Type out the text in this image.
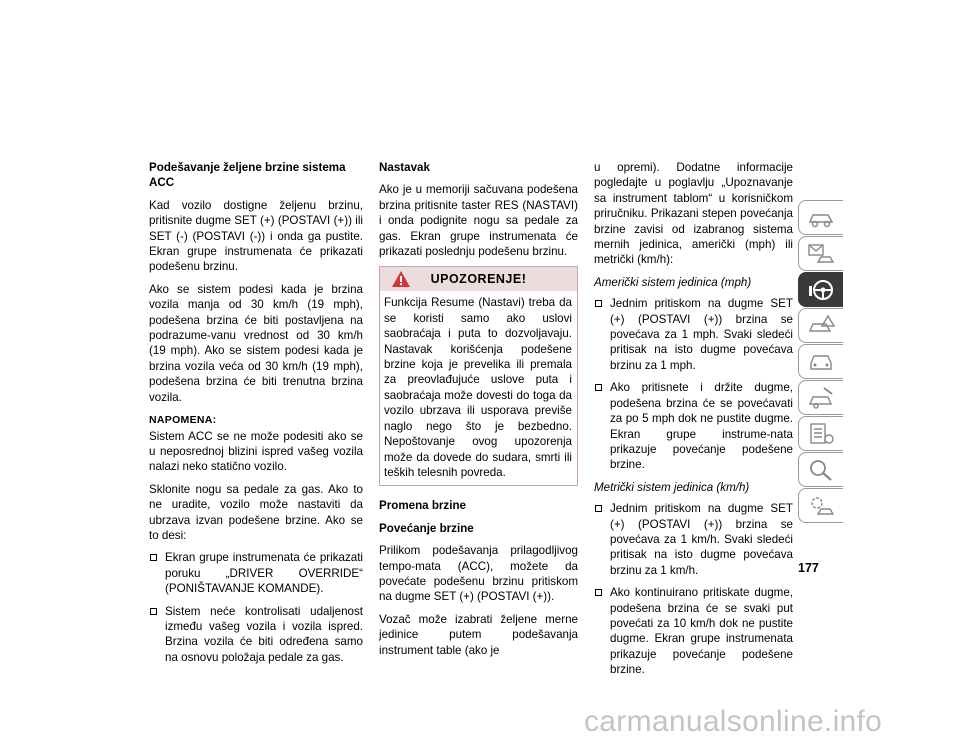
Podešavanje željene brzine sistema ACC

Kad vozilo dostigne željenu brzinu, pritisnite dugme SET (+) (POSTAVI (+)) ili SET (-) (POSTAVI (-)) i onda ga pustite. Ekran grupe instrumenata će prikazati podešenu brzinu.

Ako se sistem podesi kada je brzina vozila manja od 30 km/h (19 mph), podešena brzina će biti postavljena na podrazume-vanu vrednost od 30 km/h (19 mph). Ako se sistem podesi kada je brzina vozila veća od 30 km/h (19 mph), podešena brzina će biti trenutna brzina vozila.

NAPOMENA:
Sistem ACC se ne može podesiti ako se u neposrednoj blizini ispred vašeg vozila nalazi neko statično vozilo.

Sklonite nogu sa pedale za gas. Ako to ne uradite, vozilo može nastaviti da ubrzava izvan podešene brzine. Ako se to desi:

Ekran grupe instrumenata će prikazati poruku „DRIVER OVERRIDE“ (PONIŠTAVANJE KOMANDE).
Sistem neće kontrolisati udaljenost između vašeg vozila i vozila ispred. Brzina vozila će biti određena samo na osnovu položaja pedale za gas.
Nastavak

Ako je u memoriji sačuvana podešena brzina pritisnite taster RES (NASTAVI) i onda podignite nogu sa pedale za gas. Ekran grupe instrumenata će prikazati poslednju podešenu brzinu.

UPOZORENJE!
Funkcija Resume (Nastavi) treba da se koristi samo ako uslovi saobraćaja i puta to dozvoljavaju. Nastavak korišćenja podešene brzine koja je prevelika ili premala za preovlađujuće uslove puta i saobraćaja može dovesti do toga da vozilo ubrzava ili usporava previše naglo nego što je bezbedno. Nepoštovanje ovog upozorenja može da dovede do sudara, smrti ili teških telesnih povreda.
Promena brzine
Povećanje brzine

Prilikom podešavanja prilagodljivog tempo-mata (ACC), možete da povećate podešenu brzinu pritiskom na dugme SET (+) (POSTAVI (+)).

Vozač može izabrati željene merne jedinice putem podešavanja instrument table (ako je

u opremi). Dodatne informacije pogledajte u poglavlju „Upoznavanje sa instrument tablom“ u korisničkom priručniku. Prikazani stepen povećanja brzine zavisi od izabranog sistema mernih jedinica, američki (mph) ili metrički (km/h):

Američki sistem jedinica (mph)

Jednim pritiskom na dugme SET (+) (POSTAVI (+)) brzina se povećava za 1 mph. Svaki sledeći pritisak na isto dugme povećava brzinu za 1 mph.
Ako pritisnete i držite dugme, podešena brzina će se povećavati za po 5 mph dok ne pustite dugme. Ekran grupe instrume-nata prikazuje povećanje podešene brzine.

Metrički sistem jedinica (km/h)

Jednim pritiskom na dugme SET (+) (POSTAVI (+)) brzina se povećava za 1 km/h. Svaki sledeći pritisak na isto dugme povećava brzinu za 1 km/h.
Ako kontinuirano pritiskate dugme, podešena brzina će se svaki put povećati za 10 km/h dok ne pustite dugme. Ekran grupe instrumenata prikazuje povećanje podešene brzine.
177
carmanualsonline.info
